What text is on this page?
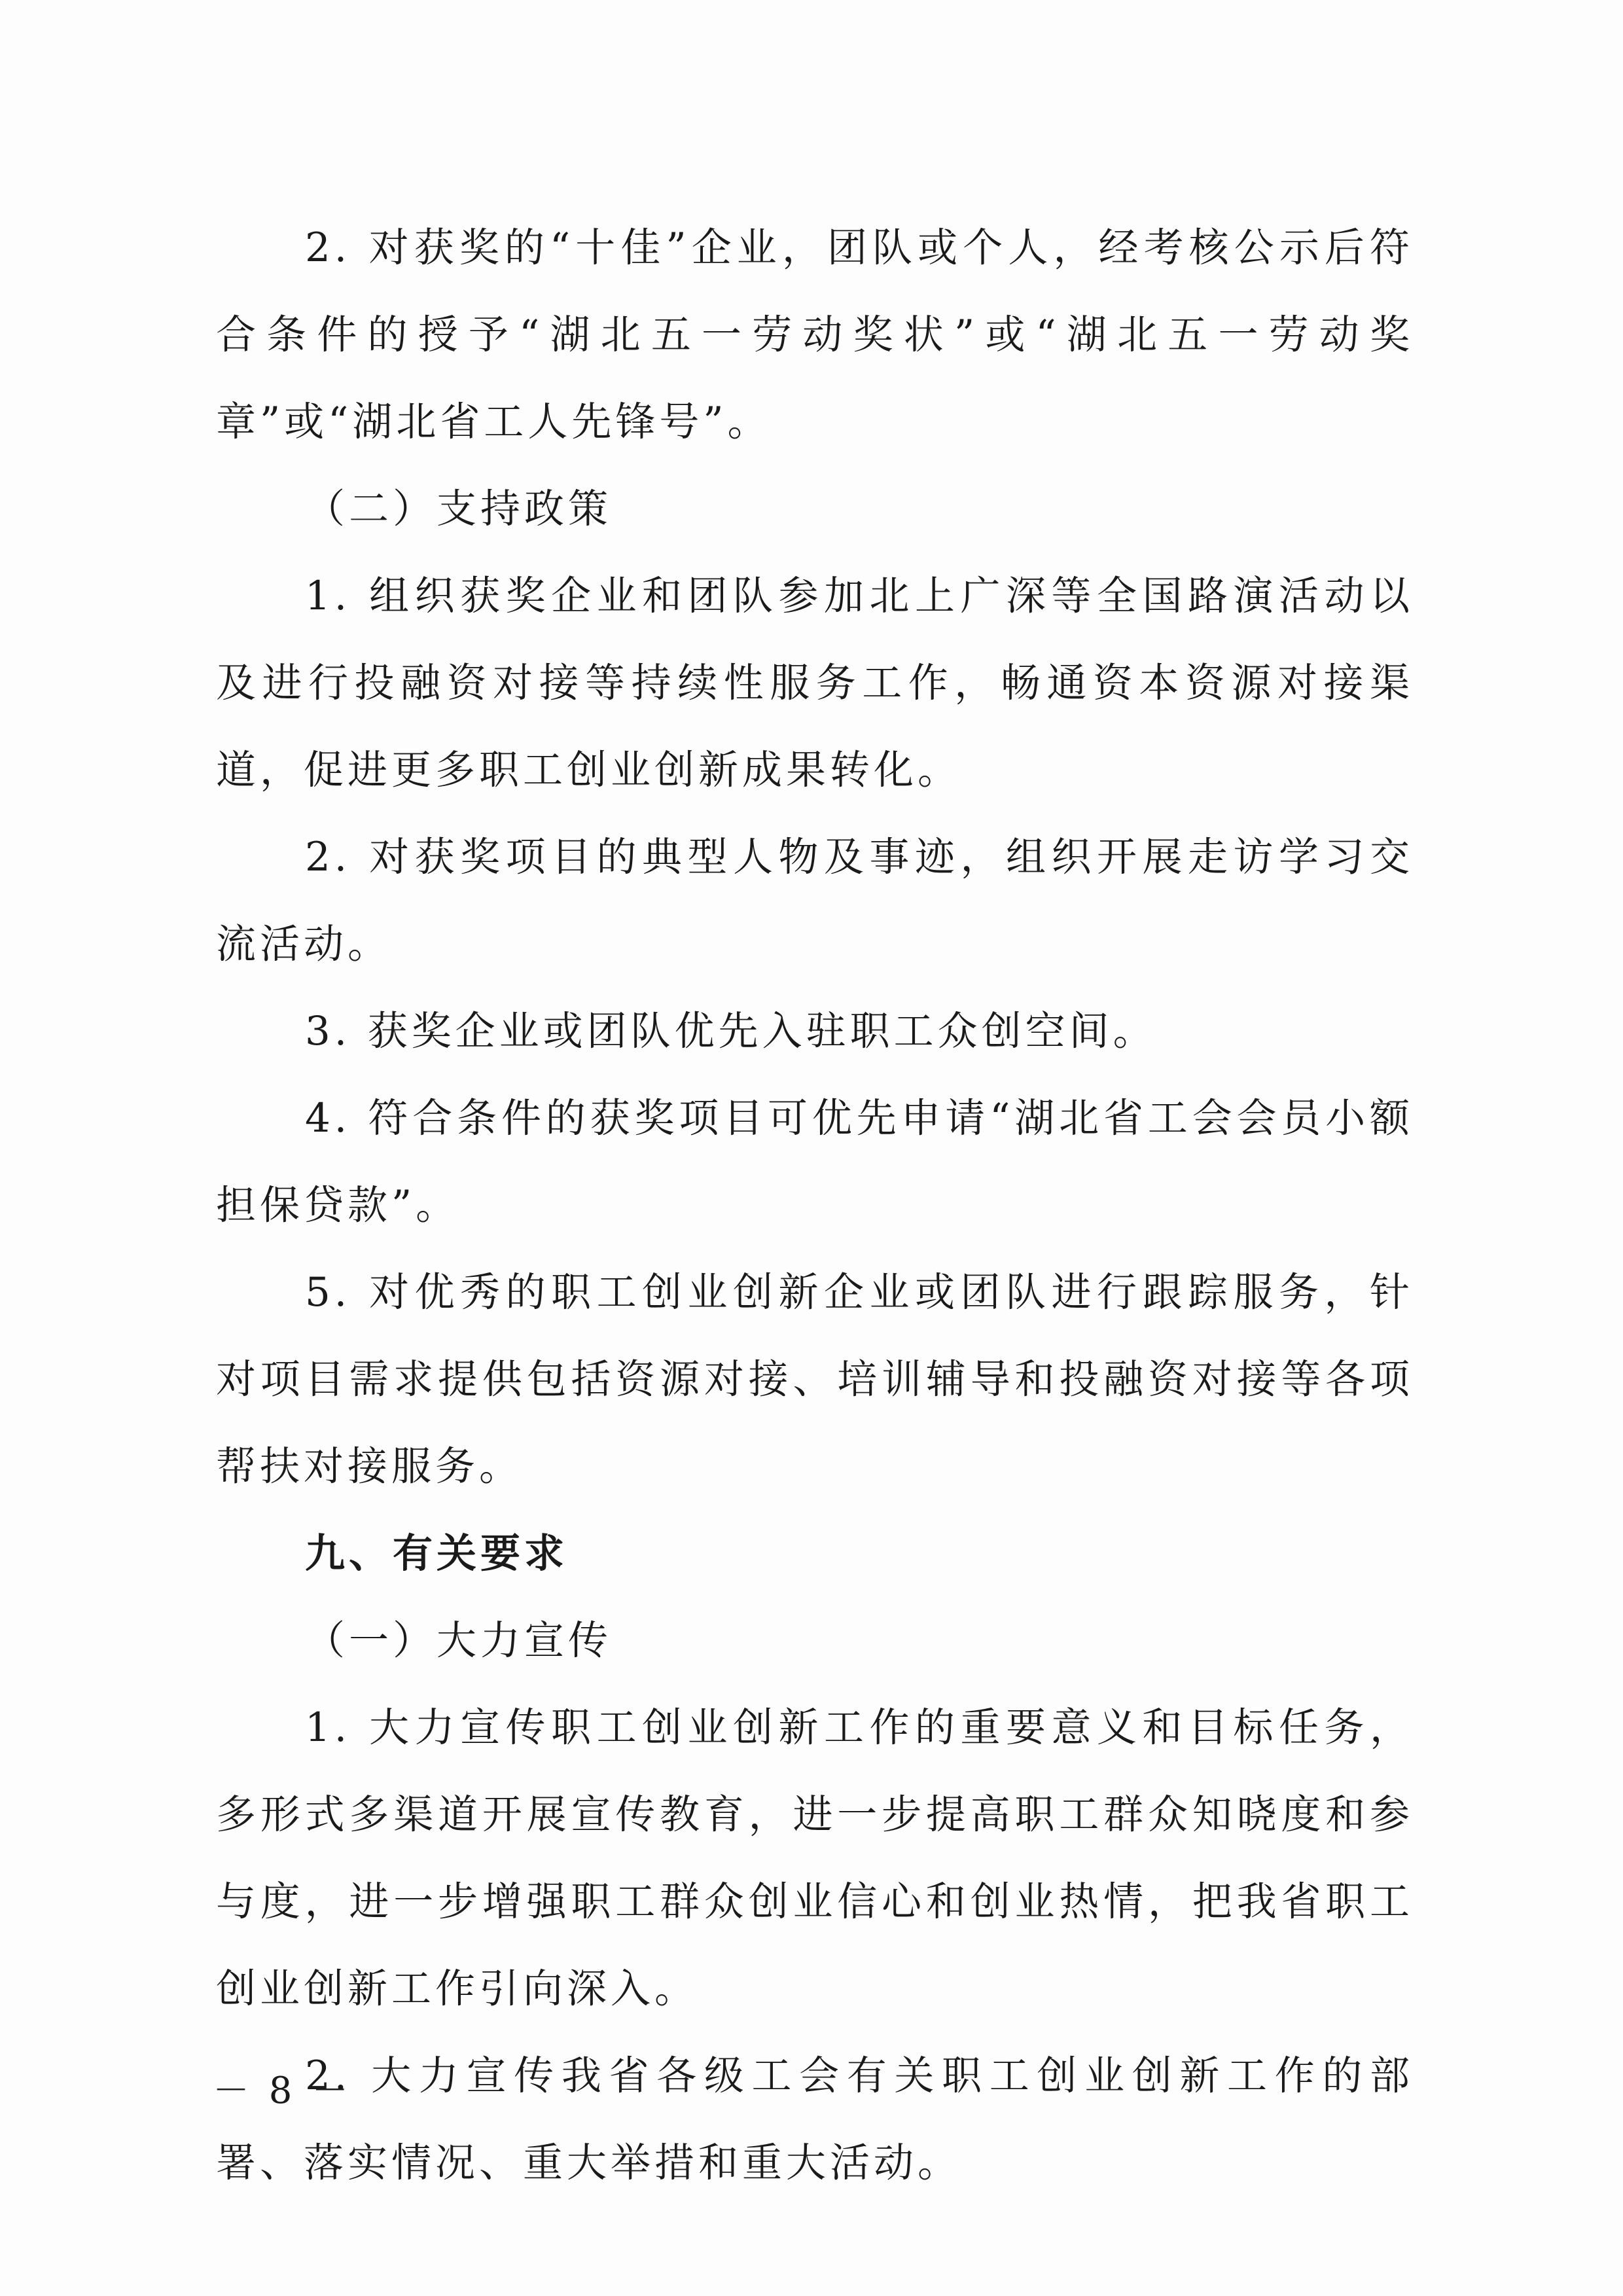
2. 对获奖的“十佳”企业，团队或个人，经考核公示后符合条件的授予“湖北五一劳动奖状”或“湖北五一劳动奖章”或“湖北省工人先锋号”。

（二）支持政策

1. 组织获奖企业和团队参加北上广深等全国路演活动以及进行投融资对接等持续性服务工作，畅通资本资源对接渠道，促进更多职工创业创新成果转化。

2. 对获奖项目的典型人物及事迹，组织开展走访学习交流活动。

3. 获奖企业或团队优先入驻职工众创空间。

4. 符合条件的获奖项目可优先申请“湖北省工会会员小额担保贷款”。

5. 对优秀的职工创业创新企业或团队进行跟踪服务，针对项目需求提供包括资源对接、培训辅导和投融资对接等各项帮扶对接服务。

九、有关要求

（一）大力宣传

1. 大力宣传职工创业创新工作的重要意义和目标任务，多形式多渠道开展宣传教育，进一步提高职工群众知晓度和参与度，进一步增强职工群众创业信心和创业热情，把我省职工创业创新工作引向深入。

2. 大力宣传我省各级工会有关职工创业创新工作的部署、落实情况、重大举措和重大活动。

－ 8 －
